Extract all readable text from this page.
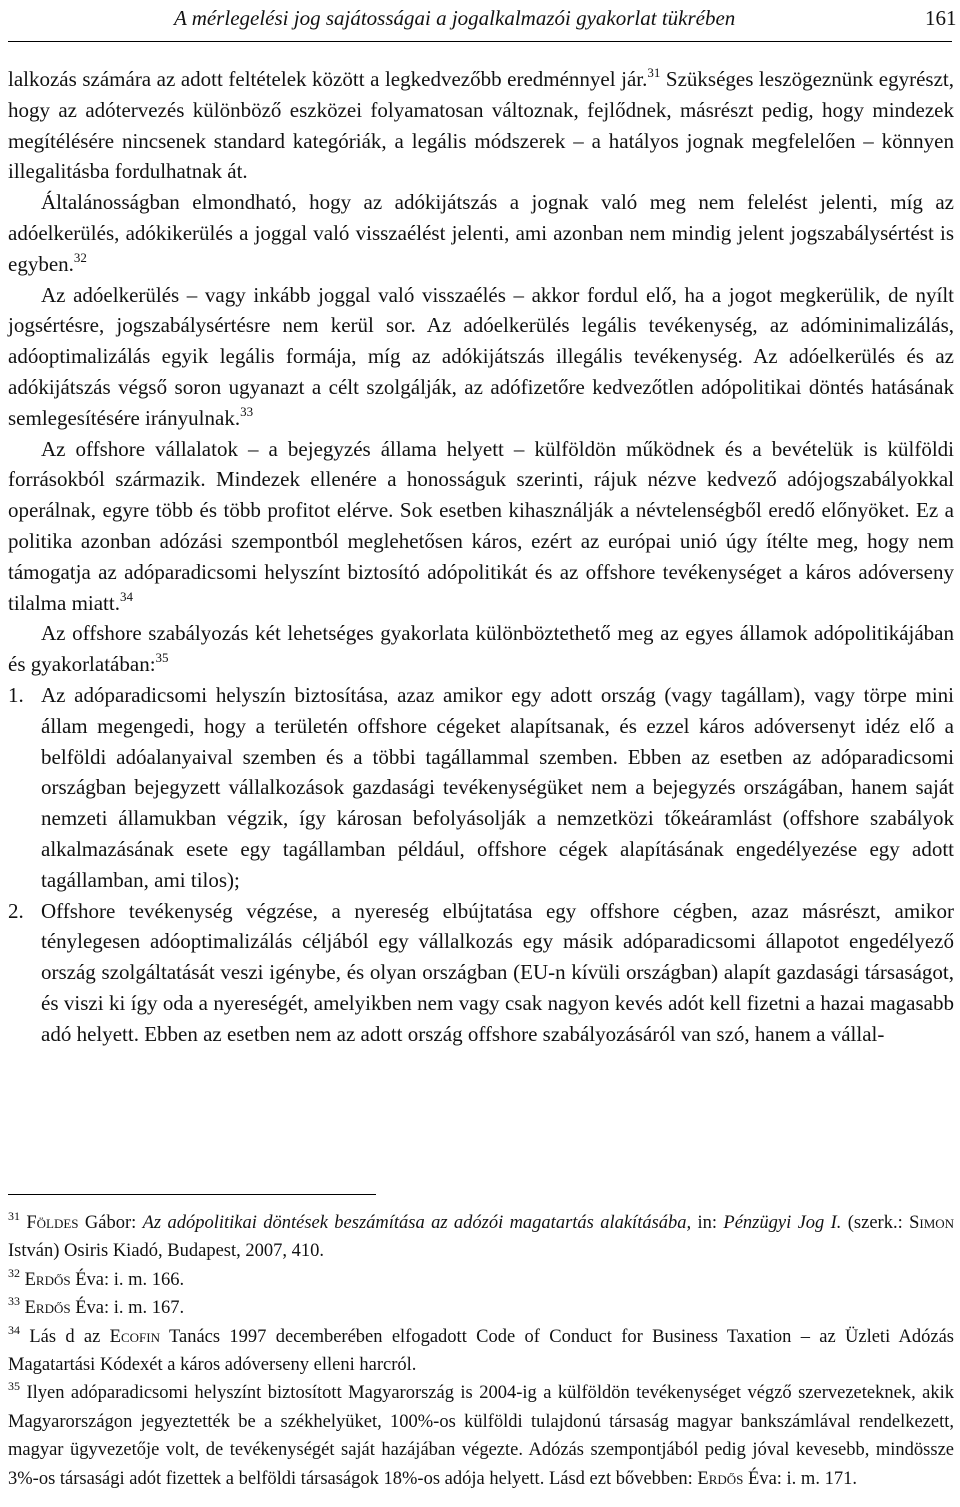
A mérlegelési jog sajátosságai a jogalkalmazói gyakorlat tükrében	161

lalkozás számára az adott feltételek között a legkedvezőbb eredménnyel jár.$^{31}$ Szükséges leszögeznünk egyrészt, hogy az adótervezés különböző eszközei folyamatosan változnak, fejlődnek, másrészt pedig, hogy mindezek megítélésére nincsenek standard kategóriák, a legális módszerek – a hatályos jognak megfelelően – könnyen illegalitásba fordulhatnak át.

Általánosságban elmondható, hogy az adókijátszás a jognak való meg nem felelést jelenti, míg az adóelkerülés, adókikerülés a joggal való visszaélést jelenti, ami azonban nem mindig jelent jogszabálysértést is egyben.$^{32}$

Az adóelkerülés – vagy inkább joggal való visszaélés – akkor fordul elő, ha a jogot megkerülik, de nyílt jogsértésre, jogszabálysértésre nem kerül sor. Az adóelkerülés legális tevékenység, az adóminimalizálás, adóoptimalizálás egyik legális formája, míg az adókijátszás illegális tevékenység. Az adóelkerülés és az adókijátszás végső soron ugyanazt a célt szolgálják, az adófizetőre kedvezőtlen adópolitikai döntés hatásának semlegesítésére irányulnak.$^{33}$

Az offshore vállalatok – a bejegyzés állama helyett – külföldön működnek és a bevételük is külföldi forrásokból származik. Mindezek ellenére a honosságuk szerinti, rájuk nézve kedvező adójogszabályokkal operálnak, egyre több és több profitot elérve. Sok esetben kihasználják a névtelenségből eredő előnyöket. Ez a politika azonban adózási szempontból meglehetősen káros, ezért az európai unió úgy ítélte meg, hogy nem támogatja az adóparadicsomi helyszínt biztosító adópolitikát és az offshore tevékenységet a káros adóverseny tilalma miatt.$^{34}$

Az offshore szabályozás két lehetséges gyakorlata különböztethető meg az egyes államok adópolitikájában és gyakorlatában:$^{35}$

1. Az adóparadicsomi helyszín biztosítása, azaz amikor egy adott ország (vagy tagállam), vagy törpe mini állam megengedi, hogy a területén offshore cégeket alapítsanak, és ezzel káros adóversenyt idéz elő a belföldi adóalanyaival szemben és a többi tagállammal szemben. Ebben az esetben az adóparadicsomi országban bejegyzett vállalkozások gazdasági tevékenységüket nem a bejegyzés országában, hanem saját nemzeti államukban végzik, így károsan befolyásolják a nemzetközi tőkeáramlást (offshore szabályok alkalmazásának esete egy tagállamban például, offshore cégek alapításának engedélyezése egy adott tagállamban, ami tilos);
2. Offshore tevékenység végzése, a nyereség elbújtatása egy offshore cégben, azaz másrészt, amikor ténylegesen adóoptimalizálás céljából egy vállalkozás egy másik adóparadicsomi állapotot engedélyező ország szolgáltatását veszi igénybe, és olyan országban (EU-n kívüli országban) alapít gazdasági társaságot, és viszi ki így oda a nyereségét, amelyikben nem vagy csak nagyon kevés adót kell fizetni a hazai magasabb adó helyett. Ebben az esetben nem az adott ország offshore szabályozásáról van szó, hanem a vállal-

$^{31}$ Földes Gábor: Az adópolitikai döntések beszámítása az adózói magatartás alakításába, in: Pénzügyi Jog I. (szerk.: Simon István) Osiris Kiadó, Budapest, 2007, 410.

$^{32}$ Erdős Éva: i. m. 166.

$^{33}$ Erdős Éva: i. m. 167.

$^{34}$ Lás d az Ecofin Tanács 1997 decemberében elfogadott Code of Conduct for Business Taxation – az Üzleti Adózás Magatartási Kódexét a káros adóverseny elleni harcról.

$^{35}$ Ilyen adóparadicsomi helyszínt biztosított Magyarország is 2004-ig a külföldön tevékenységet végző szervezeteknek, akik Magyarországon jegyeztették be a székhelyüket, 100%-os külföldi tulajdonú társaság magyar bankszámlával rendelkezett, magyar ügyvezetője volt, de tevékenységét saját hazájában végezte. Adózás szempontjából pedig jóval kevesebb, mindössze 3%-os társasági adót fizettek a belföldi társaságok 18%-os adója helyett. Lásd ezt bővebben: Erdős Éva: i. m. 171.
